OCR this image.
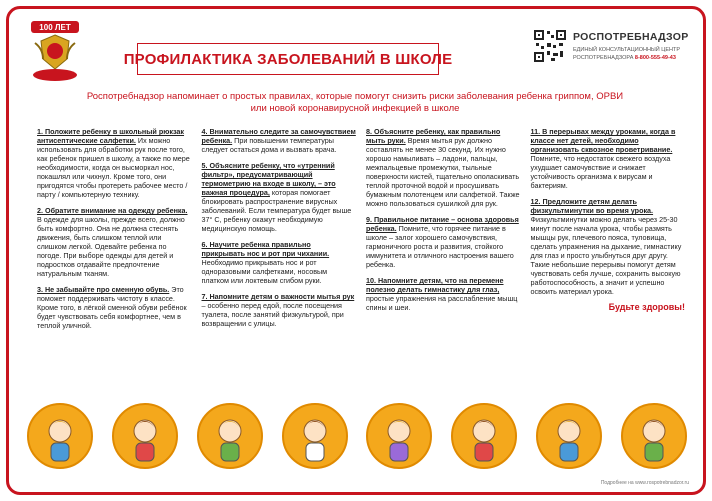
100 ЛЕТ
ПРОФИЛАКТИКА ЗАБОЛЕВАНИЙ В ШКОЛЕ
РОСПОТРЕБНАДЗОР
ЕДИНЫЙ КОНСУЛЬТАЦИОННЫЙ ЦЕНТР
РОСПОТРЕБНАДЗОРА 8-800-555-49-43
Роспотребнадзор напоминает о простых правилах, которые помогут снизить риски заболевания ребенка гриппом, ОРВИ или новой коронавирусной инфекцией в школе

1. Положите ребенку в школьный рюкзак антисептические салфетки. Их можно использовать для обработки рук после того, как ребенок пришел в школу, а также по мере необходимости, когда он высморкал нос, покашлял или чихнул. Кроме того, они пригодятся чтобы протереть рабочее место / парту / компьютерную технику.

2. Обратите внимание на одежду ребенка. В одежде для школы, прежде всего, должно быть комфортно. Она не должна стеснять движения, быть слишком теплой или слишком легкой. Одевайте ребенка по погоде. При выборе одежды для детей и подростков отдавайте предпочтение натуральным тканям.

3. Не забывайте про сменную обувь. Это поможет поддерживать чистоту в классе. Кроме того, в лёгкой сменной обуви ребёнок будет чувствовать себя комфортнее, чем в теплой уличной.

4. Внимательно следите за самочувствием ребенка. При повышении температуры следует остаться дома и вызвать врача.

5. Объясните ребенку, что «утренний фильтр», предусматривающий термометрию на входе в школу, – это важная процедура, которая помогает блокировать распространение вирусных заболеваний. Если температура будет выше 37° С, ребенку окажут необходимую медицинскую помощь.

6. Научите ребенка правильно прикрывать нос и рот при чихании. Необходимо прикрывать нос и рот одноразовыми салфетками, носовым платком или локтевым сгибом руки.

7. Напомните детям о важности мытья рук – особенно перед едой, после посещения туалета, после занятий физкультурой, при возвращении с улицы.

8. Объясните ребенку, как правильно мыть руки. Время мытья рук должно составлять не менее 30 секунд. Их нужно хорошо намыливать – ладони, пальцы, межпальцевые промежутки, тыльные поверхности кистей, тщательно ополаскивать теплой проточной водой и просушивать бумажным полотенцем или салфеткой. Также можно пользоваться сушилкой для рук.

9. Правильное питание – основа здоровья ребенка. Помните, что горячее питание в школе – залог хорошего самочувствия, гармоничного роста и развития, стойкого иммунитета и отличного настроения вашего ребенка.

10. Напомните детям, что на перемене полезно делать гимнастику для глаз, простые упражнения на расслабление мышц спины и шеи.

11. В перерывах между уроками, когда в классе нет детей, необходимо организовать сквозное проветривание. Помните, что недостаток свежего воздуха ухудшает самочувствие и снижает устойчивость организма к вирусам и бактериям.

12. Предложите детям делать физкультминутки во время урока. Физкультминутки можно делать через 25-30 минут после начала урока, чтобы размять мышцы рук, плечевого пояса, туловища, сделать упражнения на дыхание, гимнастику для глаз и просто улыбнуться друг другу. Такие небольшие перерывы помогут детям чувствовать себя лучше, сохранить высокую работоспособность, а значит и успешно освоить материал урока.

Будьте здоровы!
Подробнее на www.rospotrebnadzor.ru
